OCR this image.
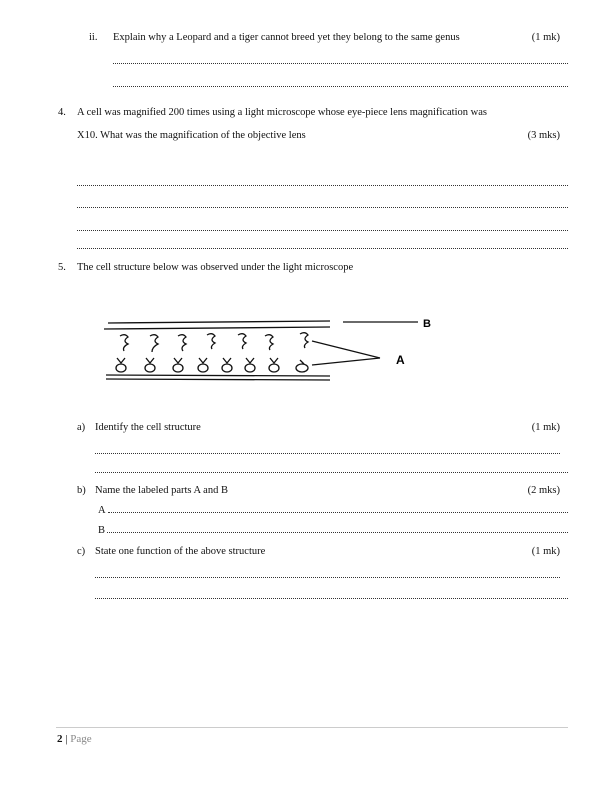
ii. Explain why a Leopard and a tiger cannot breed yet they belong to the same genus	(1 mk)
4. A cell was magnified 200 times using a light microscope whose eye-piece lens magnification was
X10. What was the magnification of the objective lens	(3 mks)
5. The cell structure below was observed under the light microscope
B
A
a) Identify the cell structure	(1 mk)
b) Name the labeled parts A and B	(2 mks)
A
B
c) State one function of the above structure	(1 mk)
2 | Page
